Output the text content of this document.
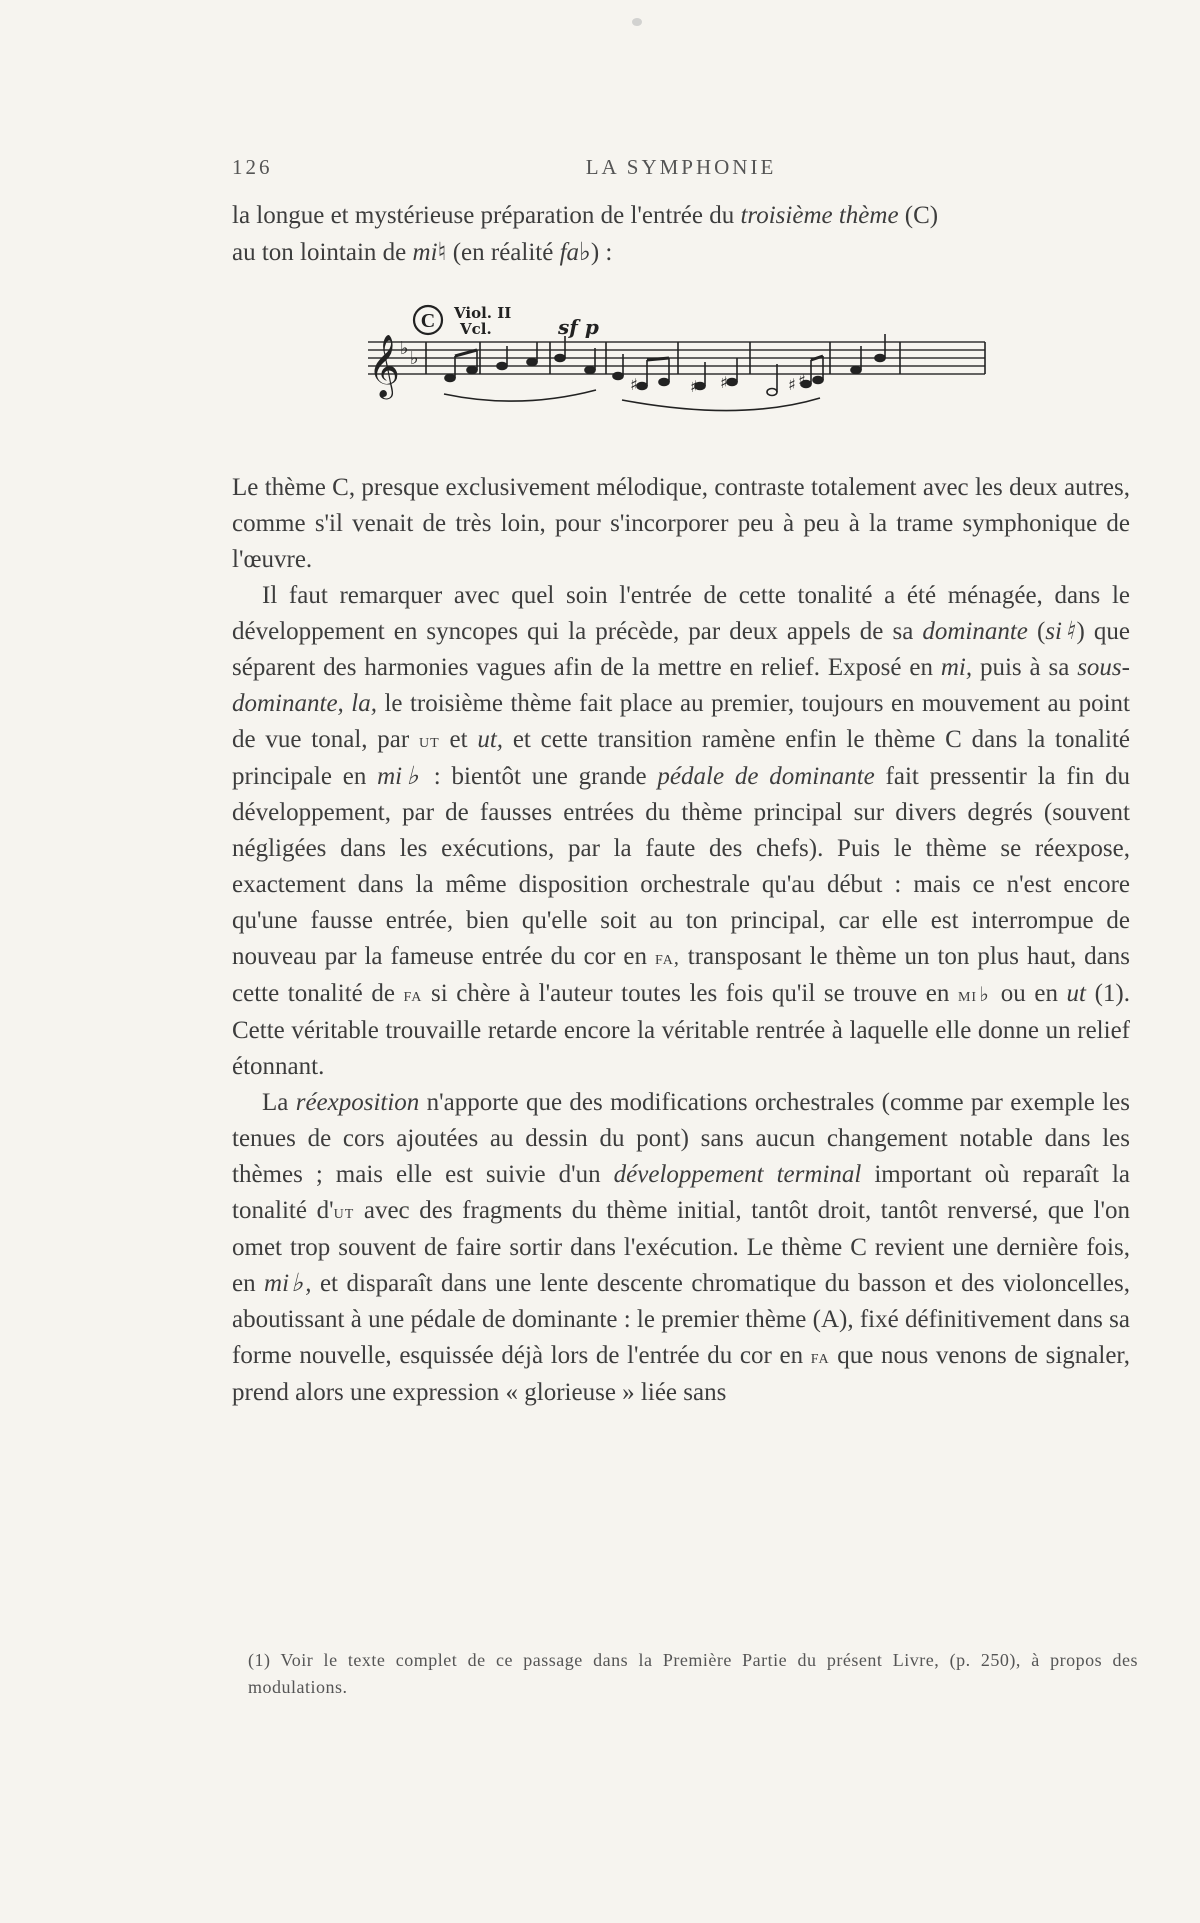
126	LA SYMPHONIE

la longue et mystérieuse préparation de l'entrée du troisième thème (C)

au ton lointain de mi♮ (en réalité fa♭) :

C Viol. II
Vcl.	sf p
𝄞 ♭ ♭
♯	♯ ♯	♯ ♯

Le thème C, presque exclusivement mélodique, contraste totalement avec les deux autres, comme s'il venait de très loin, pour s'incorporer peu à peu à la trame symphonique de l'œuvre.

Il faut remarquer avec quel soin l'entrée de cette tonalité a été ménagée, dans le développement en syncopes qui la précède, par deux appels de sa dominante (si♮) que séparent des harmonies vagues afin de la mettre en relief. Exposé en mi, puis à sa sous-dominante, la, le troisième thème fait place au premier, toujours en mouvement au point de vue tonal, par ut et ut, et cette transition ramène enfin le thème C dans la tonalité principale en mi♭ : bientôt une grande pédale de dominante fait pressentir la fin du développement, par de fausses entrées du thème principal sur divers degrés (souvent négligées dans les exécutions, par la faute des chefs). Puis le thème se réexpose, exactement dans la même disposition orchestrale qu'au début : mais ce n'est encore qu'une fausse entrée, bien qu'elle soit au ton principal, car elle est interrompue de nouveau par la fameuse entrée du cor en fa, transposant le thème un ton plus haut, dans cette tonalité de fa si chère à l'auteur toutes les fois qu'il se trouve en mi♭ ou en ut (1). Cette véritable trouvaille retarde encore la véritable rentrée à laquelle elle donne un relief étonnant.

La réexposition n'apporte que des modifications orchestrales (comme par exemple les tenues de cors ajoutées au dessin du pont) sans aucun changement notable dans les thèmes ; mais elle est suivie d'un développement terminal important où reparaît la tonalité d'ut avec des fragments du thème initial, tantôt droit, tantôt renversé, que l'on omet trop souvent de faire sortir dans l'exécution. Le thème C revient une dernière fois, en mi♭, et disparaît dans une lente descente chromatique du basson et des violoncelles, aboutissant à une pédale de dominante : le premier thème (A), fixé définitivement dans sa forme nouvelle, esquissée déjà lors de l'entrée du cor en fa que nous venons de signaler, prend alors une expression « glorieuse » liée sans

(1) Voir le texte complet de ce passage dans la Première Partie du présent Livre, (p. 250), à propos des modulations.
